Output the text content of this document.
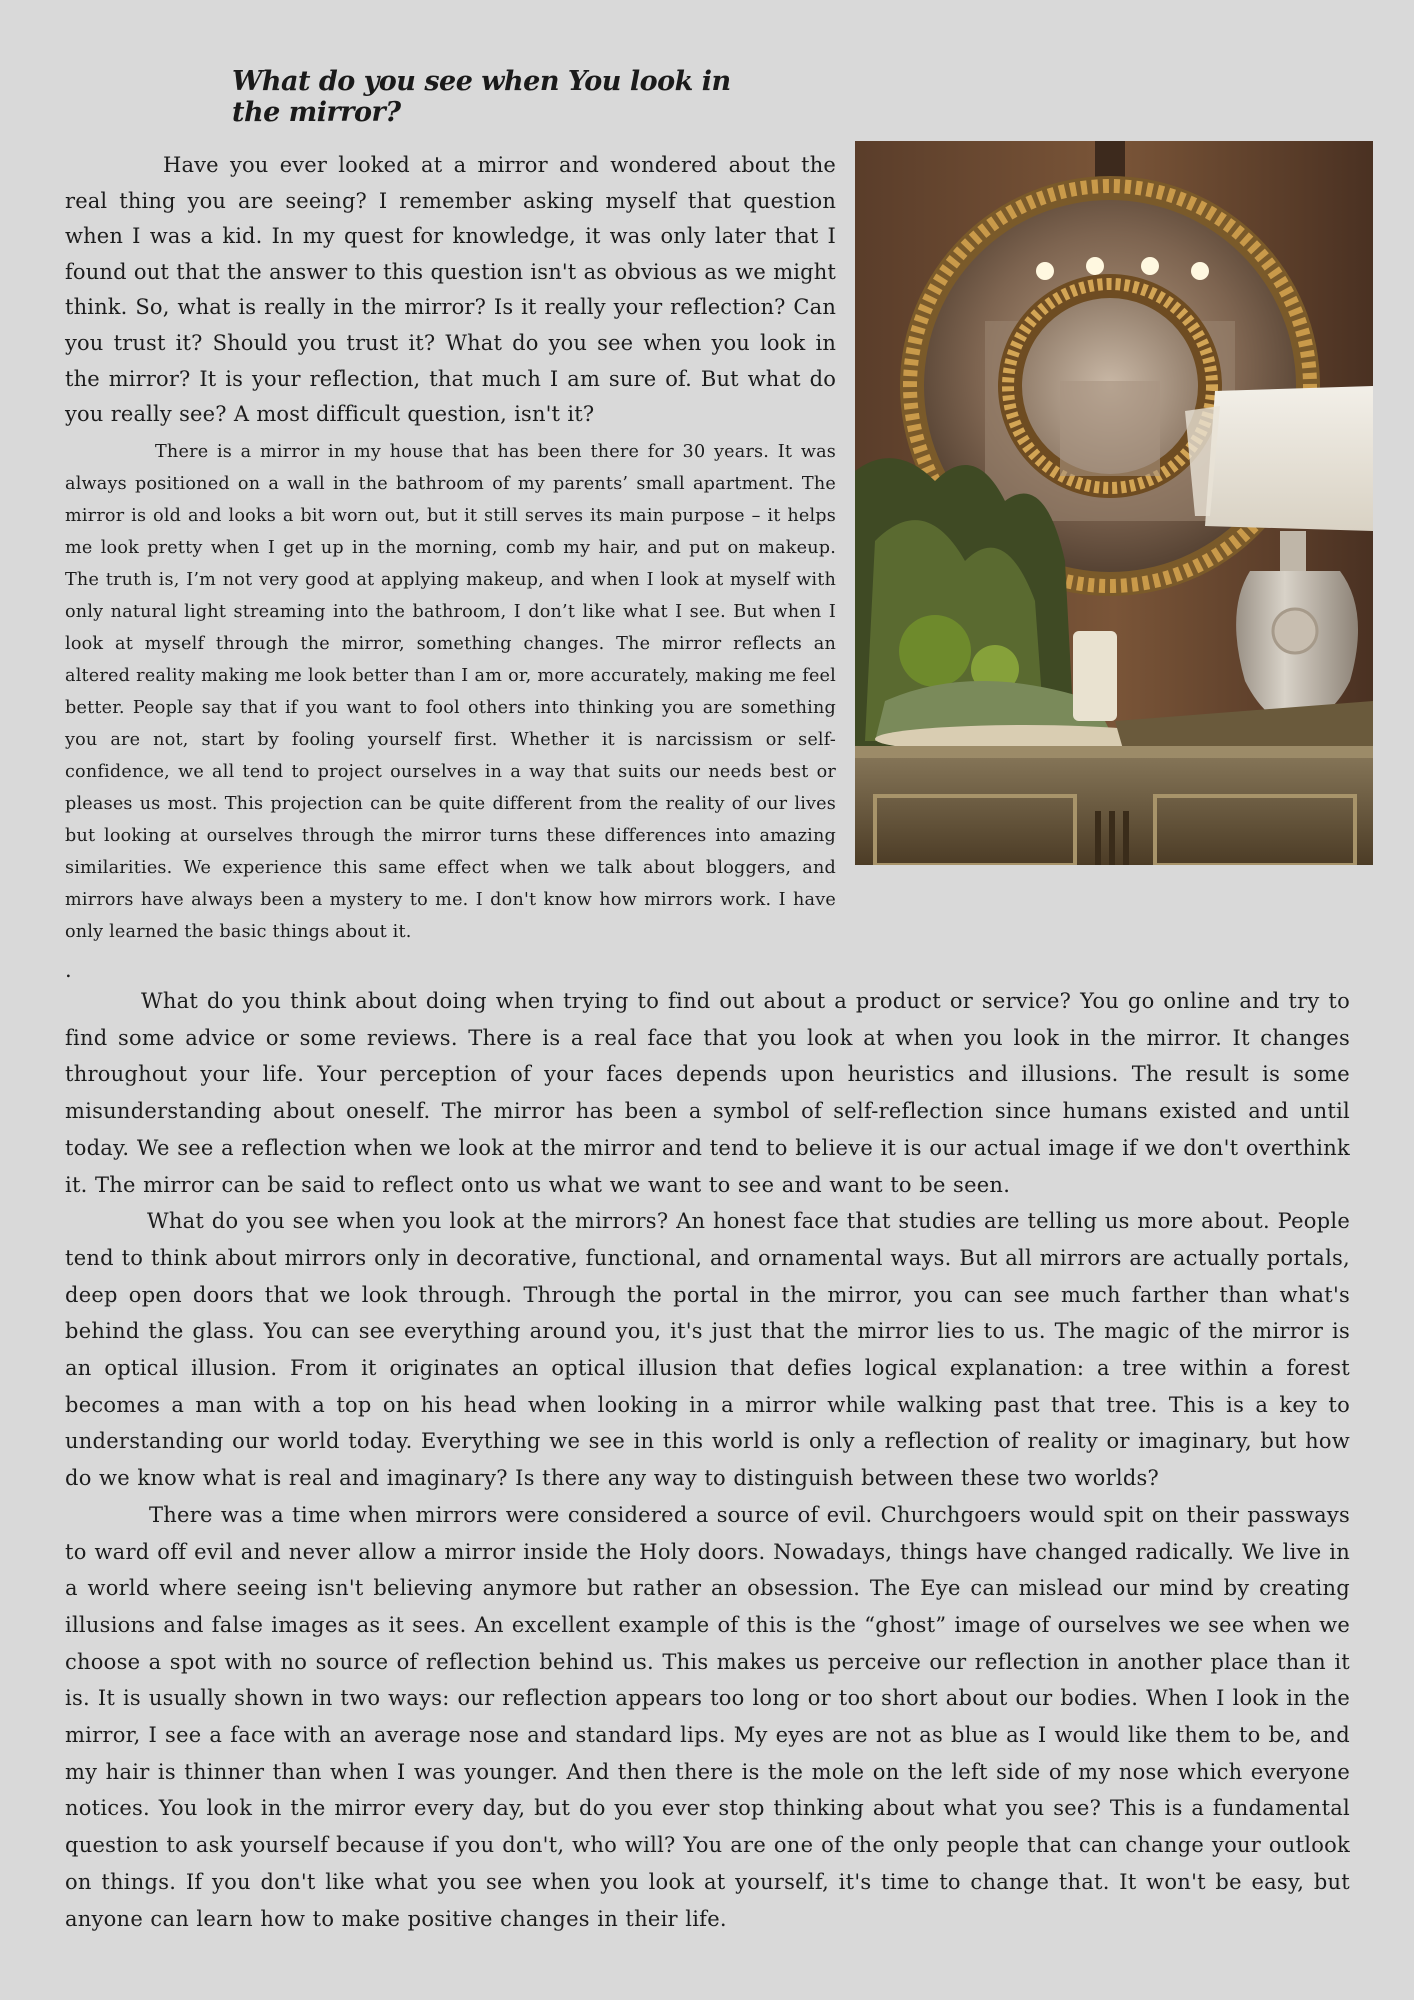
What do you see when You look in the mirror?

Have you ever looked at a mirror and wondered about the real thing you are seeing? I remember asking myself that question when I was a kid. In my quest for knowledge, it was only later that I found out that the answer to this question isn't as obvious as we might think. So, what is really in the mirror? Is it really your reflection? Can you trust it? Should you trust it? What do you see when you look in the mirror? It is your reflection, that much I am sure of. But what do you really see? A most difficult question, isn't it?

There is a mirror in my house that has been there for 30 years. It was always positioned on a wall in the bathroom of my parents’ small apartment. The mirror is old and looks a bit worn out, but it still serves its main purpose – it helps me look pretty when I get up in the morning, comb my hair, and put on makeup. The truth is, I’m not very good at applying makeup, and when I look at myself with only natural light streaming into the bathroom, I don’t like what I see. But when I look at myself through the mirror, something changes. The mirror reflects an altered reality making me look better than I am or, more accurately, making me feel better. People say that if you want to fool others into thinking you are something you are not, start by fooling yourself first. Whether it is narcissism or self-confidence, we all tend to project ourselves in a way that suits our needs best or pleases us most. This projection can be quite different from the reality of our lives but looking at ourselves through the mirror turns these differences into amazing similarities. We experience this same effect when we talk about bloggers, and mirrors have always been a mystery to me. I don't know how mirrors work. I have only learned the basic things about it.

.

What do you think about doing when trying to find out about a product or service? You go online and try to find some advice or some reviews. There is a real face that you look at when you look in the mirror. It changes throughout your life. Your perception of your faces depends upon heuristics and illusions. The result is some misunderstanding about oneself. The mirror has been a symbol of self-reflection since humans existed and until today. We see a reflection when we look at the mirror and tend to believe it is our actual image if we don't overthink it. The mirror can be said to reflect onto us what we want to see and want to be seen.

What do you see when you look at the mirrors? An honest face that studies are telling us more about. People tend to think about mirrors only in decorative, functional, and ornamental ways. But all mirrors are actually portals, deep open doors that we look through. Through the portal in the mirror, you can see much farther than what's behind the glass. You can see everything around you, it's just that the mirror lies to us. The magic of the mirror is an optical illusion. From it originates an optical illusion that defies logical explanation: a tree within a forest becomes a man with a top on his head when looking in a mirror while walking past that tree. This is a key to understanding our world today. Everything we see in this world is only a reflection of reality or imaginary, but how do we know what is real and imaginary? Is there any way to distinguish between these two worlds?

There was a time when mirrors were considered a source of evil. Churchgoers would spit on their passways to ward off evil and never allow a mirror inside the Holy doors. Nowadays, things have changed radically. We live in a world where seeing isn't believing anymore but rather an obsession. The Eye can mislead our mind by creating illusions and false images as it sees. An excellent example of this is the “ghost” image of ourselves we see when we choose a spot with no source of reflection behind us. This makes us perceive our reflection in another place than it is. It is usually shown in two ways: our reflection appears too long or too short about our bodies. When I look in the mirror, I see a face with an average nose and standard lips. My eyes are not as blue as I would like them to be, and my hair is thinner than when I was younger. And then there is the mole on the left side of my nose which everyone notices. You look in the mirror every day, but do you ever stop thinking about what you see? This is a fundamental question to ask yourself because if you don't, who will? You are one of the only people that can change your outlook on things. If you don't like what you see when you look at yourself, it's time to change that. It won't be easy, but anyone can learn how to make positive changes in their life.
